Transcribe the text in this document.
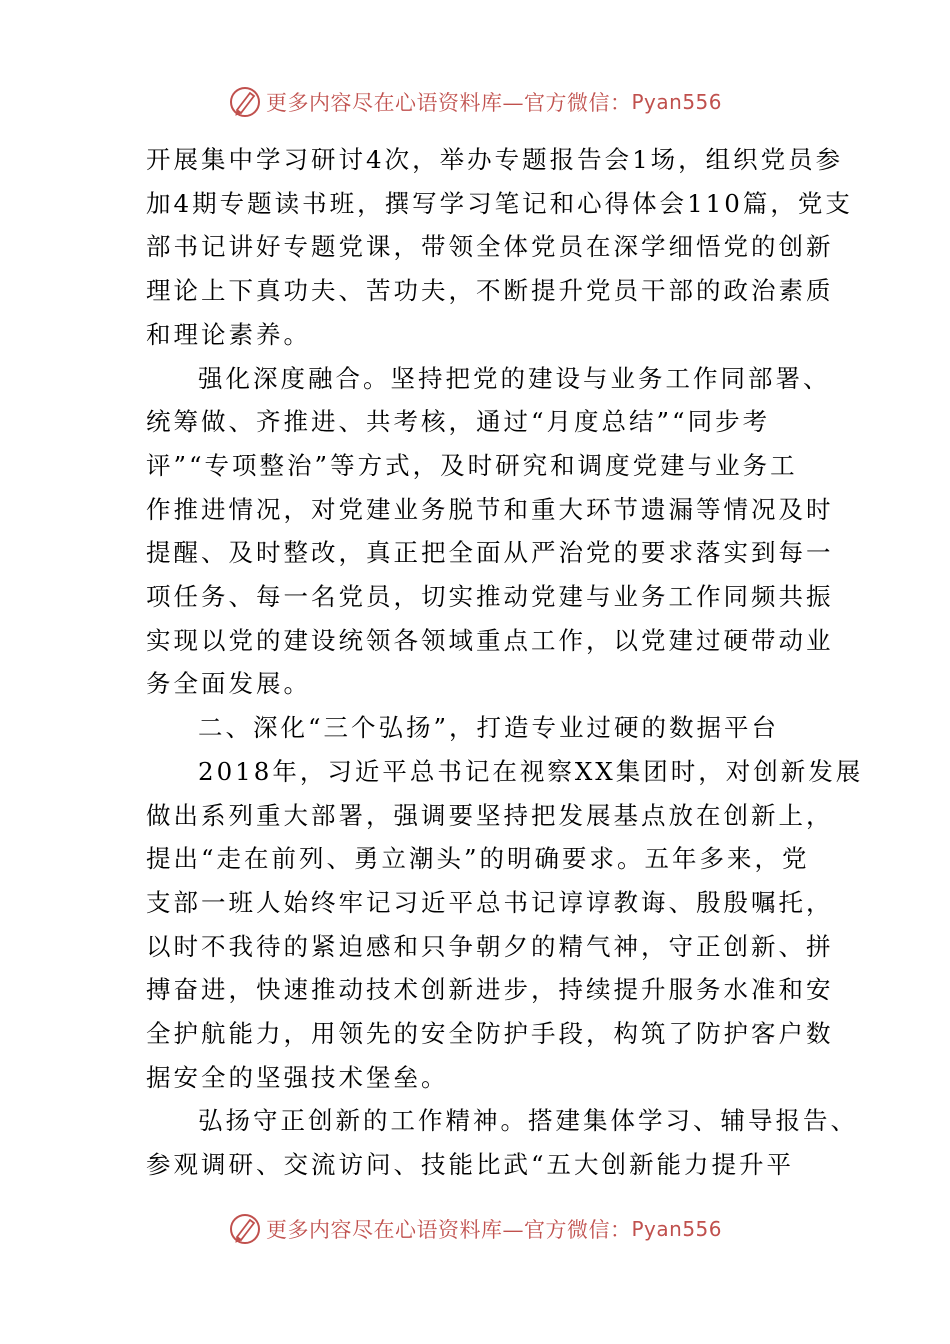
更多内容尽在心语资料库—官方微信： Pyan556

开展集中学习研讨4次，举办专题报告会1场，组织党员参
加4期专题读书班，撰写学习笔记和心得体会110篇，党支
部书记讲好专题党课，带领全体党员在深学细悟党的创新
理论上下真功夫、苦功夫，不断提升党员干部的政治素质
和理论素养。

强化深度融合。坚持把党的建设与业务工作同部署、
统筹做、齐推进、共考核，通过“月度总结”“同步考
评”“专项整治”等方式，及时研究和调度党建与业务工
作推进情况，对党建业务脱节和重大环节遗漏等情况及时
提醒、及时整改，真正把全面从严治党的要求落实到每一
项任务、每一名党员，切实推动党建与业务工作同频共振
实现以党的建设统领各领域重点工作，以党建过硬带动业
务全面发展。

二、深化“三个弘扬”，打造专业过硬的数据平台

2018年，习近平总书记在视察XX集团时，对创新发展
做出系列重大部署，强调要坚持把发展基点放在创新上，
提出“走在前列、勇立潮头”的明确要求。五年多来，党
支部一班人始终牢记习近平总书记谆谆教诲、殷殷嘱托，
以时不我待的紧迫感和只争朝夕的精气神，守正创新、拼
搏奋进，快速推动技术创新进步，持续提升服务水准和安
全护航能力，用领先的安全防护手段，构筑了防护客户数
据安全的坚强技术堡垒。

弘扬守正创新的工作精神。搭建集体学习、辅导报告、
参观调研、交流访问、技能比武“五大创新能力提升平

更多内容尽在心语资料库—官方微信： Pyan556
